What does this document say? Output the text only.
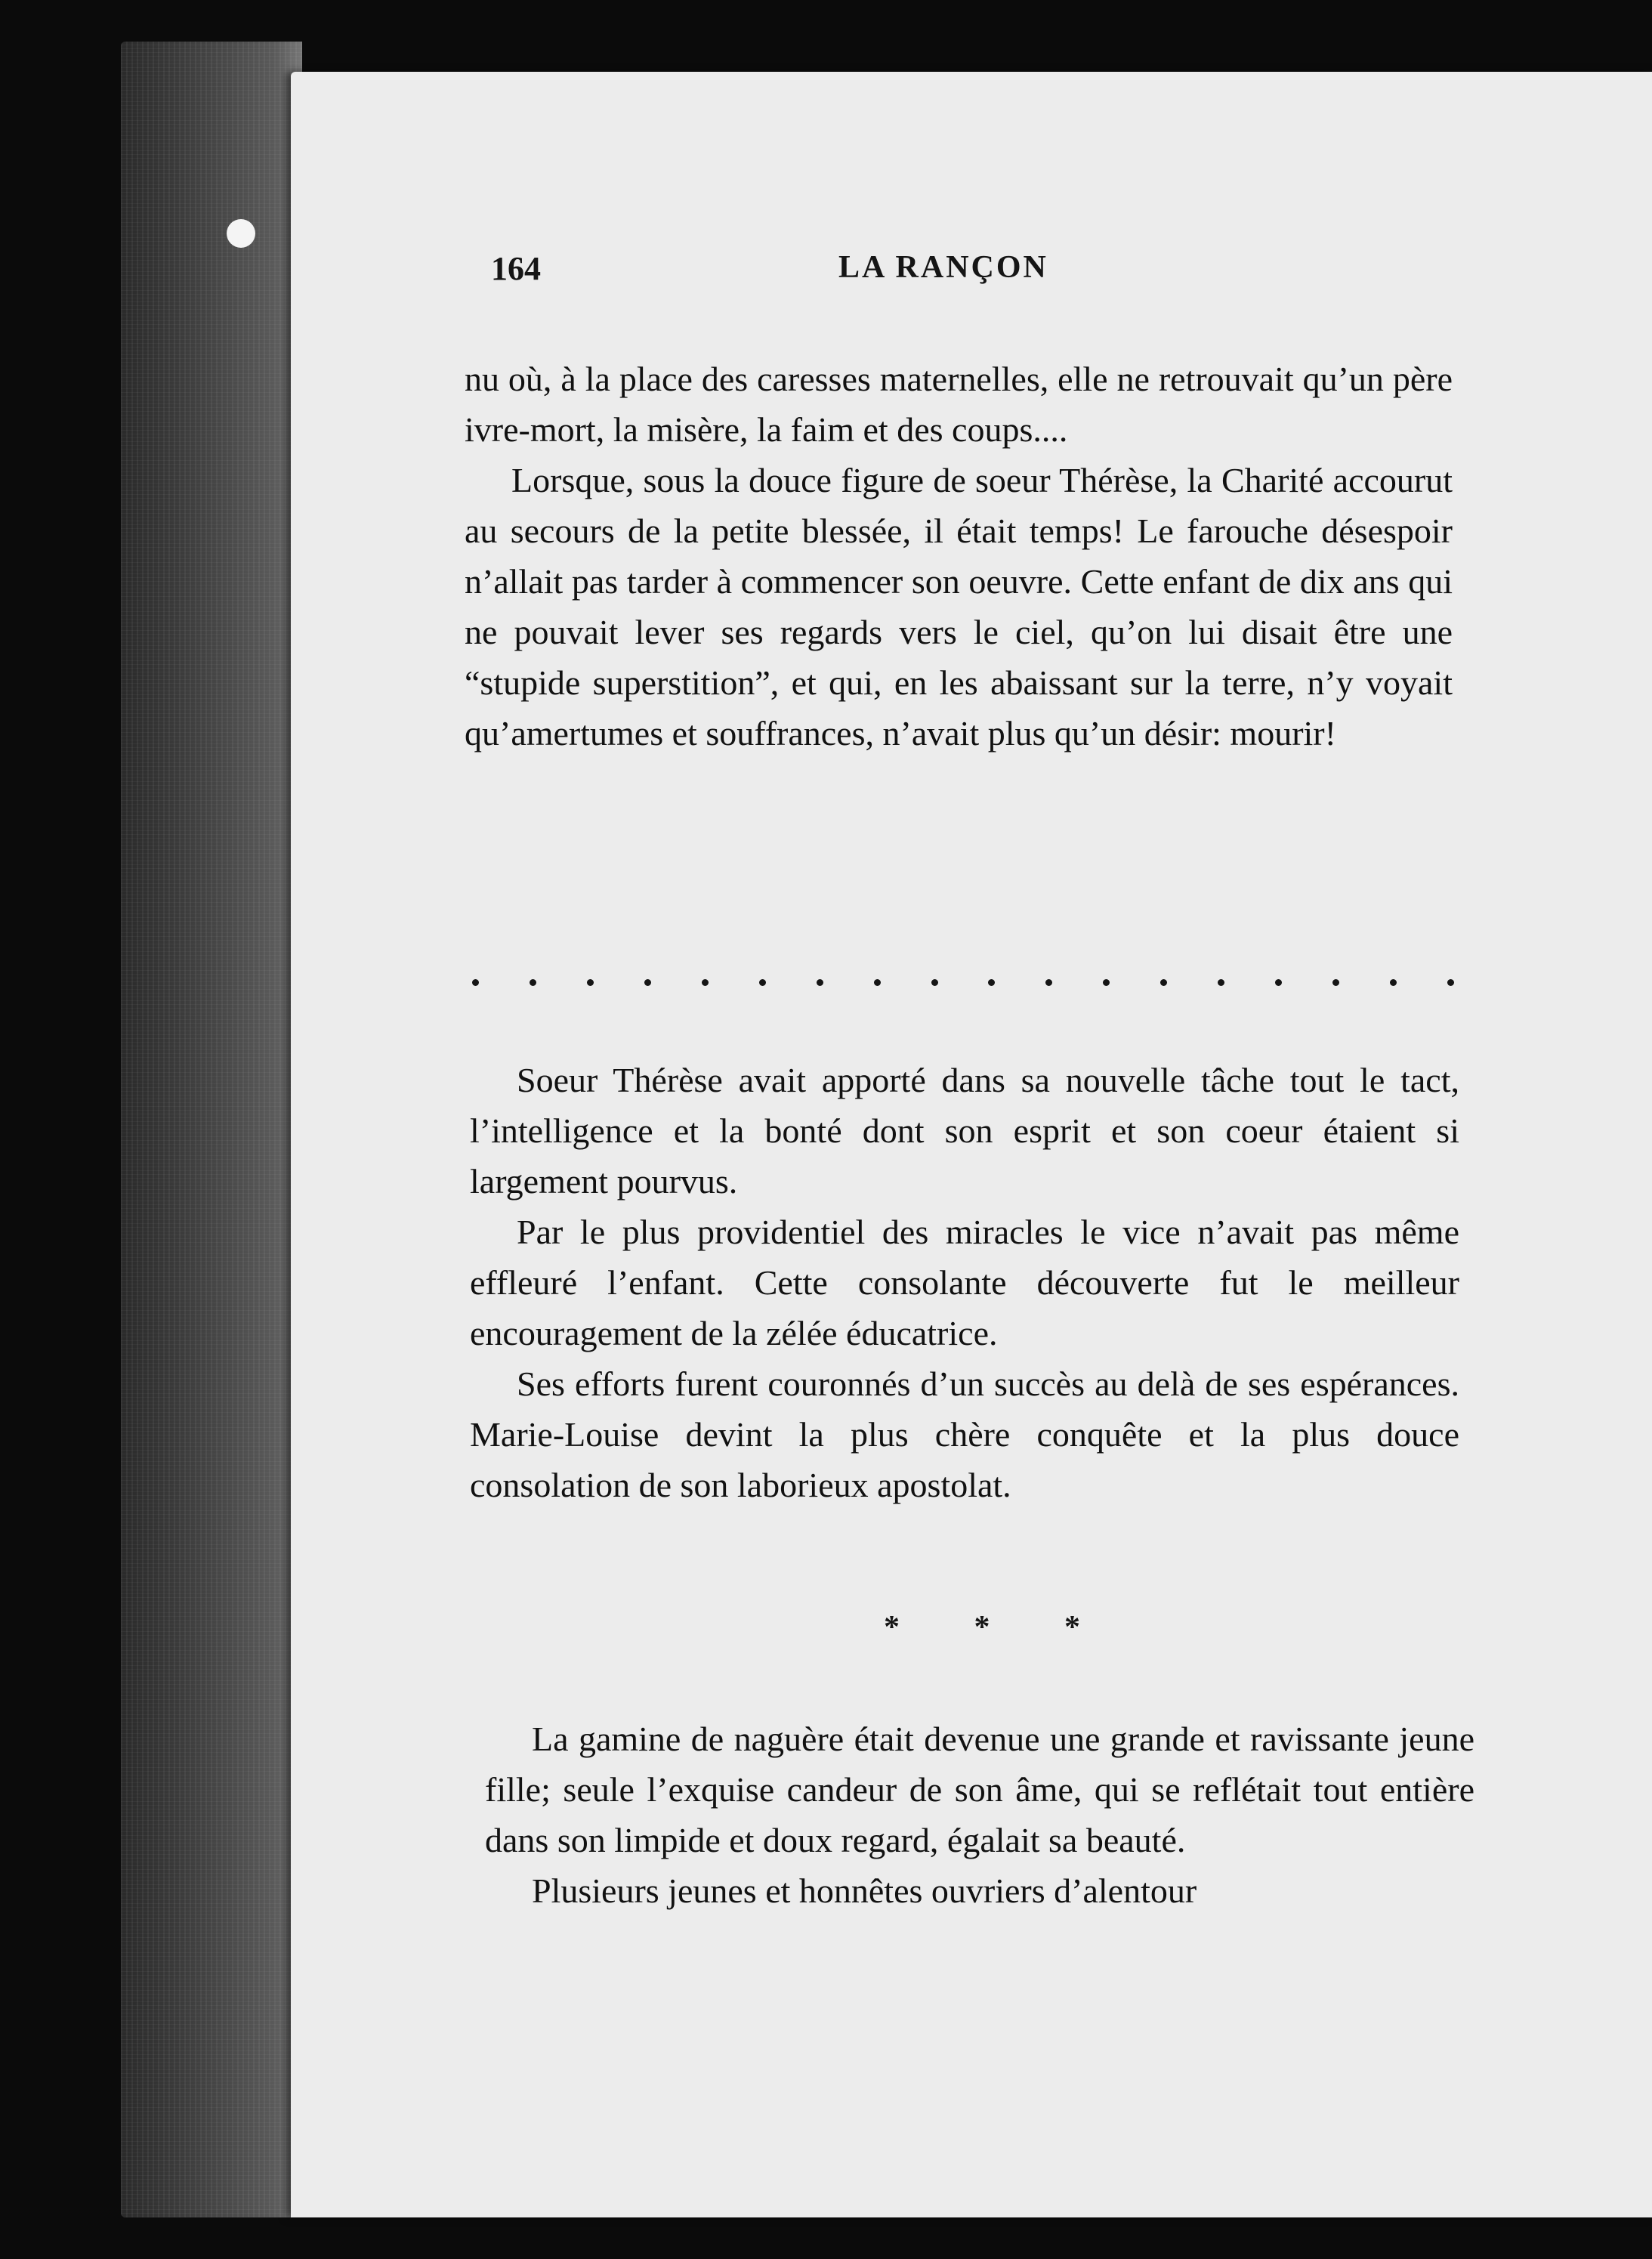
164	LA RANÇON

nu où, à la place des caresses maternelles, elle ne retrouvait qu’un père ivre-mort, la misère, la faim et des coups....

Lorsque, sous la douce figure de soeur Thérèse, la Charité accourut au secours de la petite blessée, il était temps! Le farouche désespoir n’allait pas tarder à commencer son oeuvre. Cette enfant de dix ans qui ne pouvait lever ses regards vers le ciel, qu’on lui disait être une “stupide superstition”, et qui, en les abaissant sur la terre, n’y voyait qu’amertumes et souffrances, n’avait plus qu’un désir: mourir!

Soeur Thérèse avait apporté dans sa nouvelle tâche tout le tact, l’intelligence et la bonté dont son esprit et son coeur étaient si largement pourvus.

Par le plus providentiel des miracles le vice n’avait pas même effleuré l’enfant. Cette consolante découverte fut le meilleur encouragement de la zélée éducatrice.

Ses efforts furent couronnés d’un succès au delà de ses espérances. Marie-Louise devint la plus chère conquête et la plus douce consolation de son laborieux apostolat.

* * *

La gamine de naguère était devenue une grande et ravissante jeune fille; seule l’exquise candeur de son âme, qui se reflétait tout entière dans son limpide et doux regard, égalait sa beauté.

Plusieurs jeunes et honnêtes ouvriers d’alentour
